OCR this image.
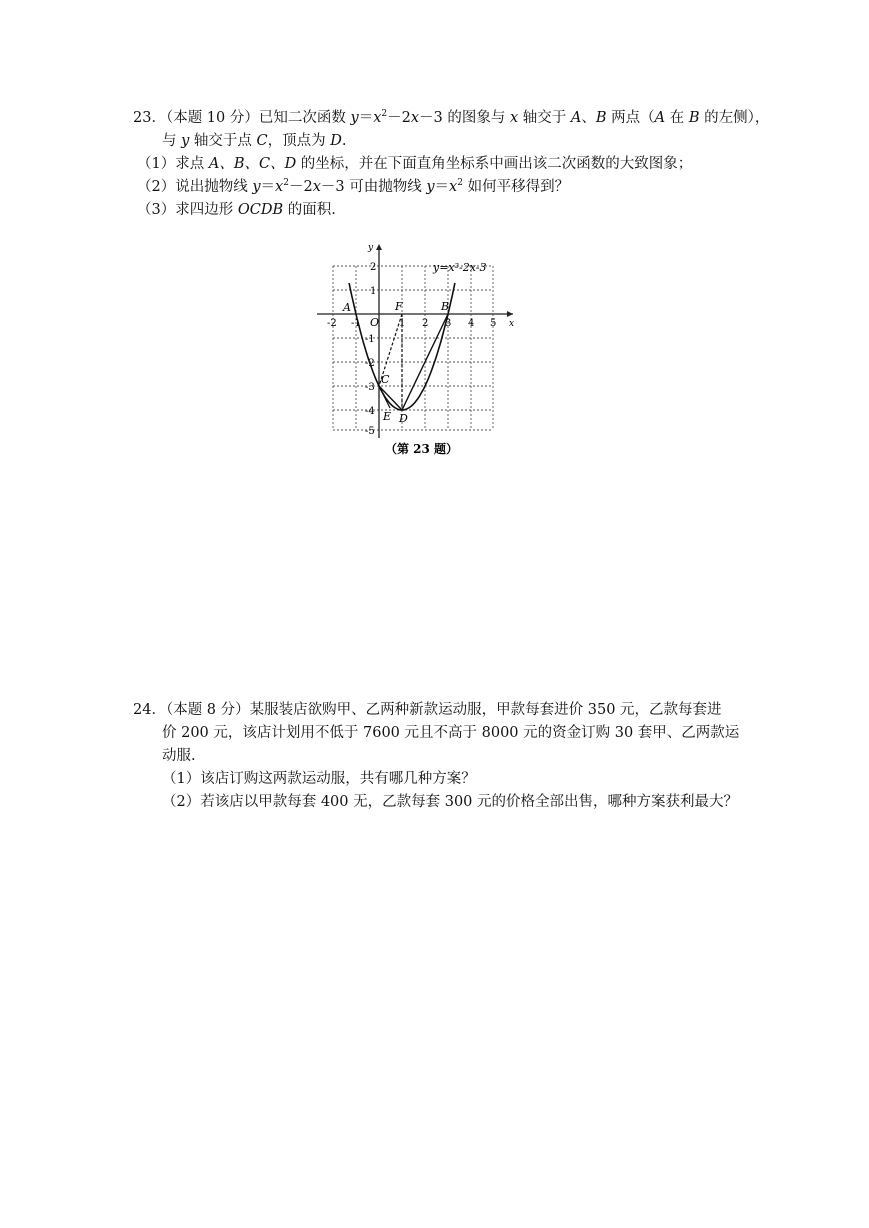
23．（本题 10 分）已知二次函数 $y=x^2-2x-3$ 的图象与 x 轴交于 A、B 两点（A 在 B 的左侧），
与 y 轴交于点 C，顶点为 D.
（1）求点 A、B、C、D 的坐标，并在下面直角坐标系中画出该二次函数的大致图象；
（2）说出抛物线 $y=x^2-2x-3$ 可由抛物线 $y=x^2$ 如何平移得到？
（3）求四边形 OCDB 的面积.
x
y
-2 -1	1 2 3 4 5
2
1
-1
-2
-3
-4
-5
A	B
C
D
E
F
O
y=x²-2x-3
（第 23 题）
24．（本题 8 分）某服装店欲购甲、乙两种新款运动服，甲款每套进价 350 元，乙款每套进
价 200 元，该店计划用不低于 7600 元且不高于 8000 元的资金订购 30 套甲、乙两款运
动服.
（1）该店订购这两款运动服，共有哪几种方案？
（2）若该店以甲款每套 400 无，乙款每套 300 元的价格全部出售，哪种方案获利最大？
